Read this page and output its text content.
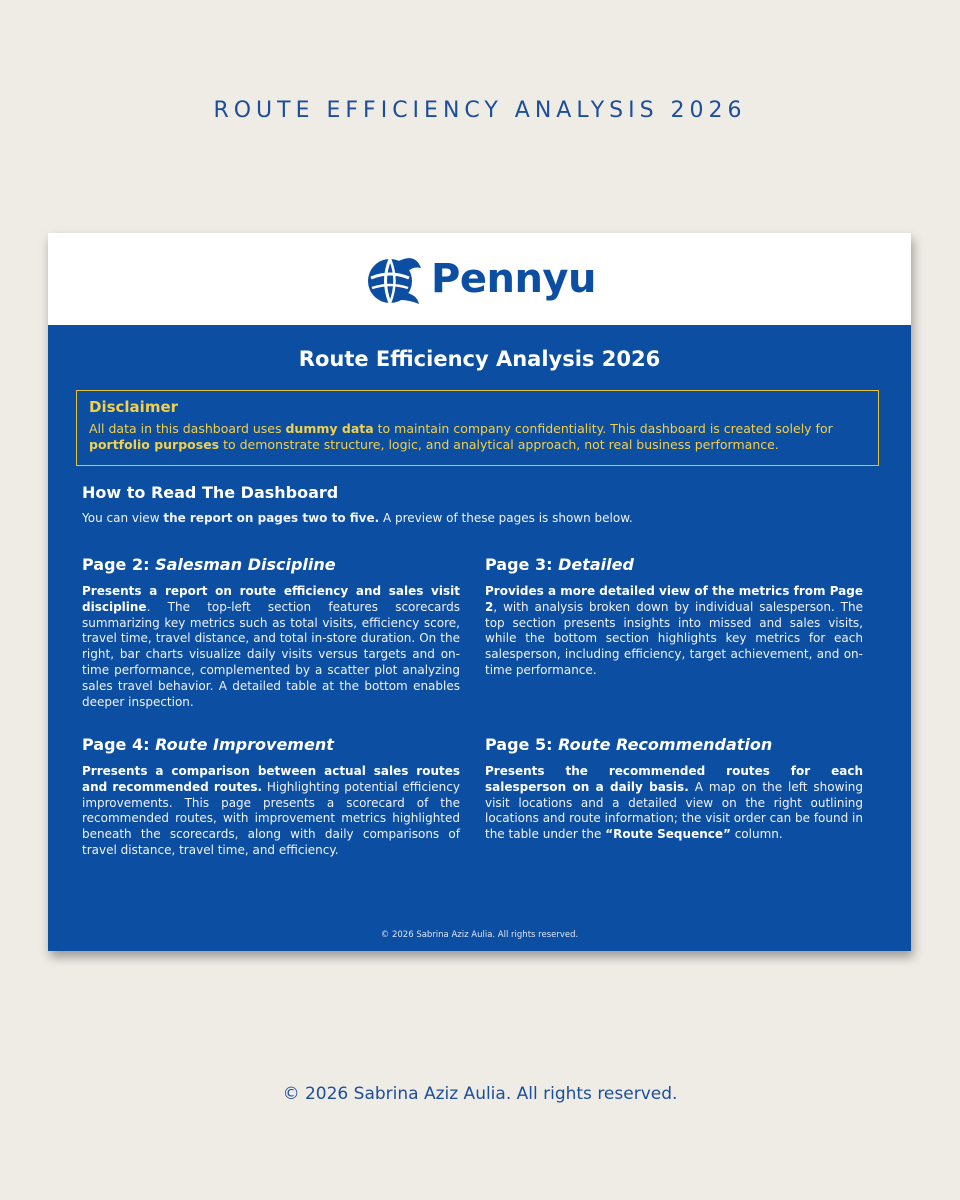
ROUTE EFFICIENCY ANALYSIS 2026
Pennyu
Route Efficiency Analysis 2026
Disclaimer
All data in this dashboard uses dummy data to maintain company confidentiality. This dashboard is created solely for portfolio purposes to demonstrate structure, logic, and analytical approach, not real business performance.
How to Read The Dashboard
You can view the report on pages two to five. A preview of these pages is shown below.
Page 2: Salesman Discipline

Presents a report on route efficiency and sales visit discipline. The top-left section features scorecards summarizing key metrics such as total visits, efficiency score, travel time, travel distance, and total in-store duration. On the right, bar charts visualize daily visits versus targets and on-time performance, complemented by a scatter plot analyzing sales travel behavior. A detailed table at the bottom enables deeper inspection.

Page 3: Detailed

Provides a more detailed view of the metrics from Page 2, with analysis broken down by individual salesperson. The top section presents insights into missed and sales visits, while the bottom section highlights key metrics for each salesperson, including efficiency, target achievement, and on-time performance.

Page 4: Route Improvement

Prresents a comparison between actual sales routes and recommended routes. Highlighting potential efficiency improvements. This page presents a scorecard of the recommended routes, with improvement metrics highlighted beneath the scorecards, along with daily comparisons of travel distance, travel time, and efficiency.

Page 5: Route Recommendation

Presents the recommended routes for each salesperson on a daily basis. A map on the left showing visit locations and a detailed view on the right outlining locations and route information; the visit order can be found in the table under the “Route Sequence” column.

© 2026 Sabrina Aziz Aulia. All rights reserved.
© 2026 Sabrina Aziz Aulia. All rights reserved.
